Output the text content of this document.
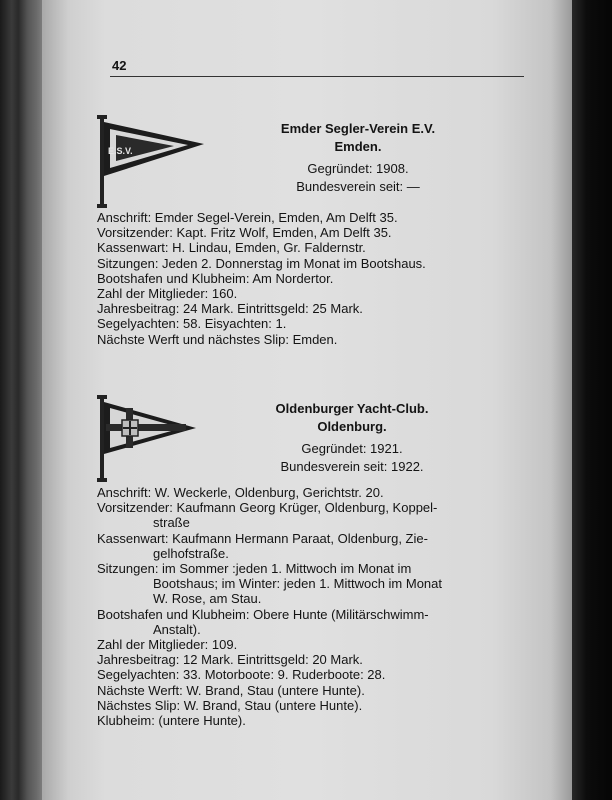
42
E.S.V.
Emder Segler-Verein E.V.
Emden.
Gegründet: 1908.
Bundesverein seit: —
Anschrift: Emder Segel-Verein, Emden, Am Delft 35.
Vorsitzender: Kapt. Fritz Wolf, Emden, Am Delft 35.
Kassenwart: H. Lindau, Emden, Gr. Faldernstr.
Sitzungen: Jeden 2. Donnerstag im Monat im Bootshaus.
Bootshafen und Klubheim: Am Nordertor.
Zahl der Mitglieder: 160.
Jahresbeitrag: 24 Mark. Eintrittsgeld: 25 Mark.
Segelyachten: 58. Eisyachten: 1.
Nächste Werft und nächstes Slip: Emden.
Oldenburger Yacht-Club.
Oldenburg.
Gegründet: 1921.
Bundesverein seit: 1922.
Anschrift: W. Weckerle, Oldenburg, Gerichtstr. 20.
Vorsitzender: Kaufmann Georg Krüger, Oldenburg, Koppel-
straße
Kassenwart: Kaufmann Hermann Paraat, Oldenburg, Zie-
gelhofstraße.
Sitzungen: im Sommer :jeden 1. Mittwoch im Monat im
Bootshaus; im Winter: jeden 1. Mittwoch im Monat
W. Rose, am Stau.
Bootshafen und Klubheim: Obere Hunte (Militärschwimm-
Anstalt).
Zahl der Mitglieder: 109.
Jahresbeitrag: 12 Mark. Eintrittsgeld: 20 Mark.
Segelyachten: 33. Motorboote: 9. Ruderboote: 28.
Nächste Werft: W. Brand, Stau (untere Hunte).
Nächstes Slip: W. Brand, Stau (untere Hunte).
Klubheim: (untere Hunte).
